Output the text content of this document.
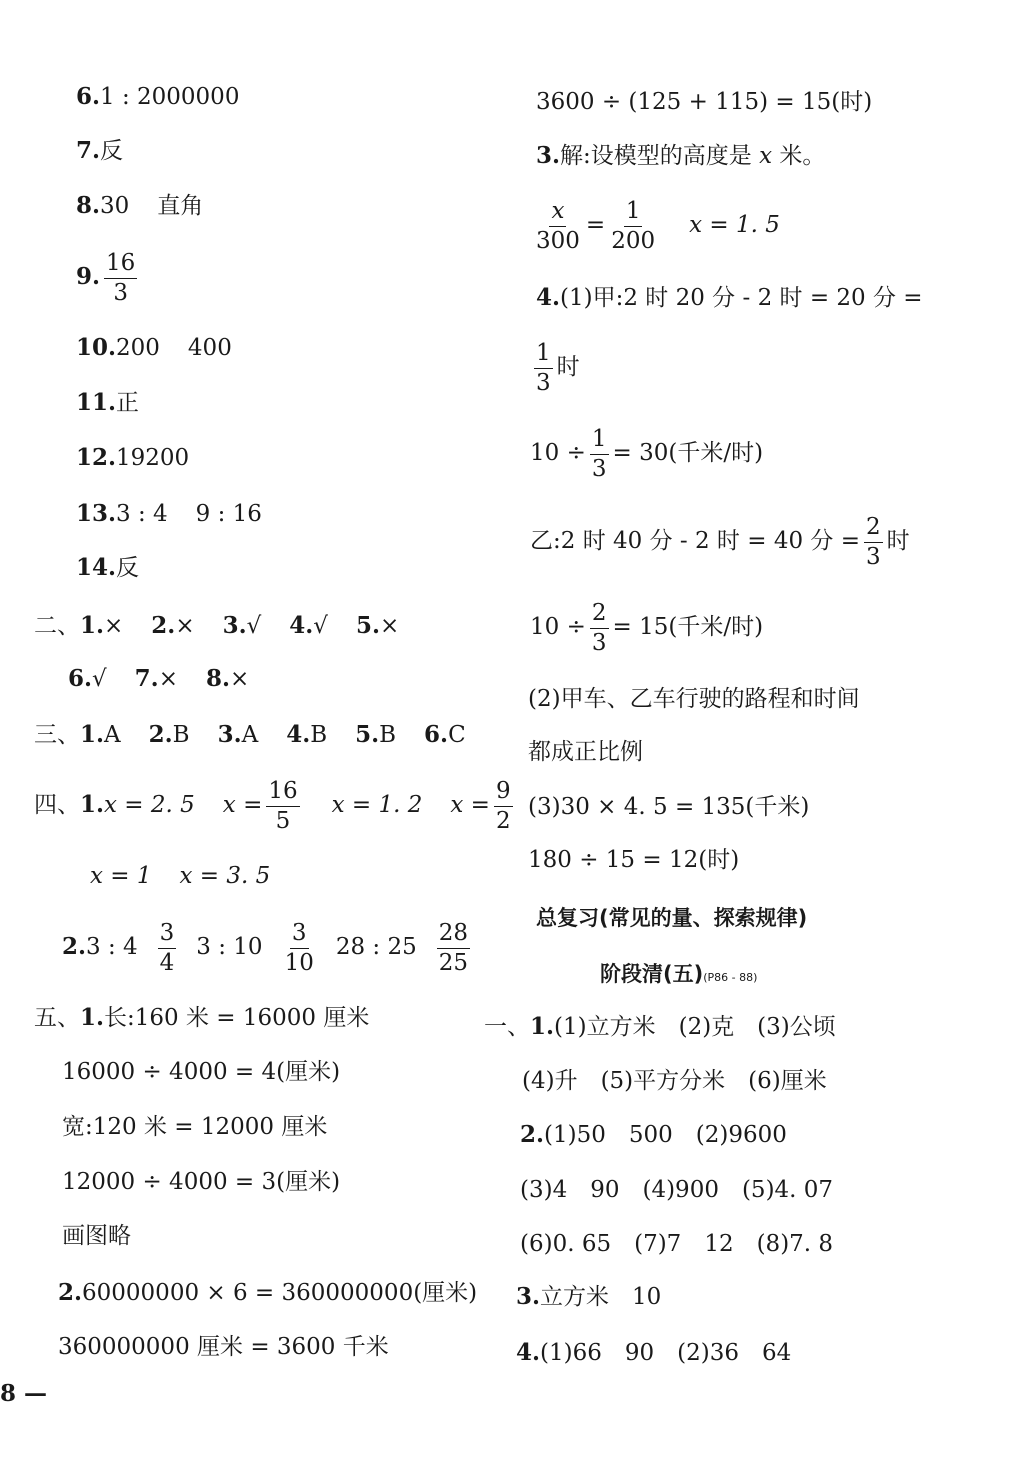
6.1 : 2000000
7.反
8.30 直角
9. $\frac{16}{3}$
10.200 400
11.正
12.19200
13.3 : 4 9 : 16
14.反
二、1.× 2.× 3.√ 4.√ 5.×
6.√ 7.× 8.×
三、1.A 2.B 3.A 4.B 5.B 6.C
四、1.x = 2. 5 $x = \frac{16}{5}$ x = 1. 2 $x = \frac{9}{2}$
x = 1 x = 3. 5
2.3 : $4 \frac{3}{4} 3$ : $10 \frac{3}{10} 28$ : $25 \frac{28}{25}$
五、1.长:160 米 = 16000 厘米
16000 ÷ 4000 = 4(厘米)
宽:120 米 = 12000 厘米
12000 ÷ 4000 = 3(厘米)
画图略
2.60000000 × 6 = 360000000(厘米)
360000000 厘米 = 3600 千米
8 —
3600 ÷ (125 + 115) = 15(时)
3.解:设模型的高度是 x 米。
$\frac{x}{300} = \frac{1}{200}$ x = 1. 5
4.(1)甲:2 时 20 分 - 2 时 = 20 分 =
$\frac{1}{3}$ 时
$10 \div \frac{1}{3} = 30$(千米/时)
乙:2 时 40 分 - 2 时 = 40 分 = $\frac{2}{3}$ 时
$10 \div \frac{2}{3} = 15$(千米/时)
(2)甲车、乙车行驶的路程和时间
都成正比例
(3)30 × 4. 5 = 135(千米)
180 ÷ 15 = 12(时)
总复习(常见的量、探索规律)
阶段清(五)(P86 - 88)
一、1.(1)立方米　(2)克　(3)公顷
(4)升　(5)平方分米　(6)厘米
2.(1)50　500　(2)9600
(3)4　90　(4)900　(5)4. 07
(6)0. 65　(7)7　12　(8)7. 8
3.立方米　10
4.(1)66　90　(2)36　64
